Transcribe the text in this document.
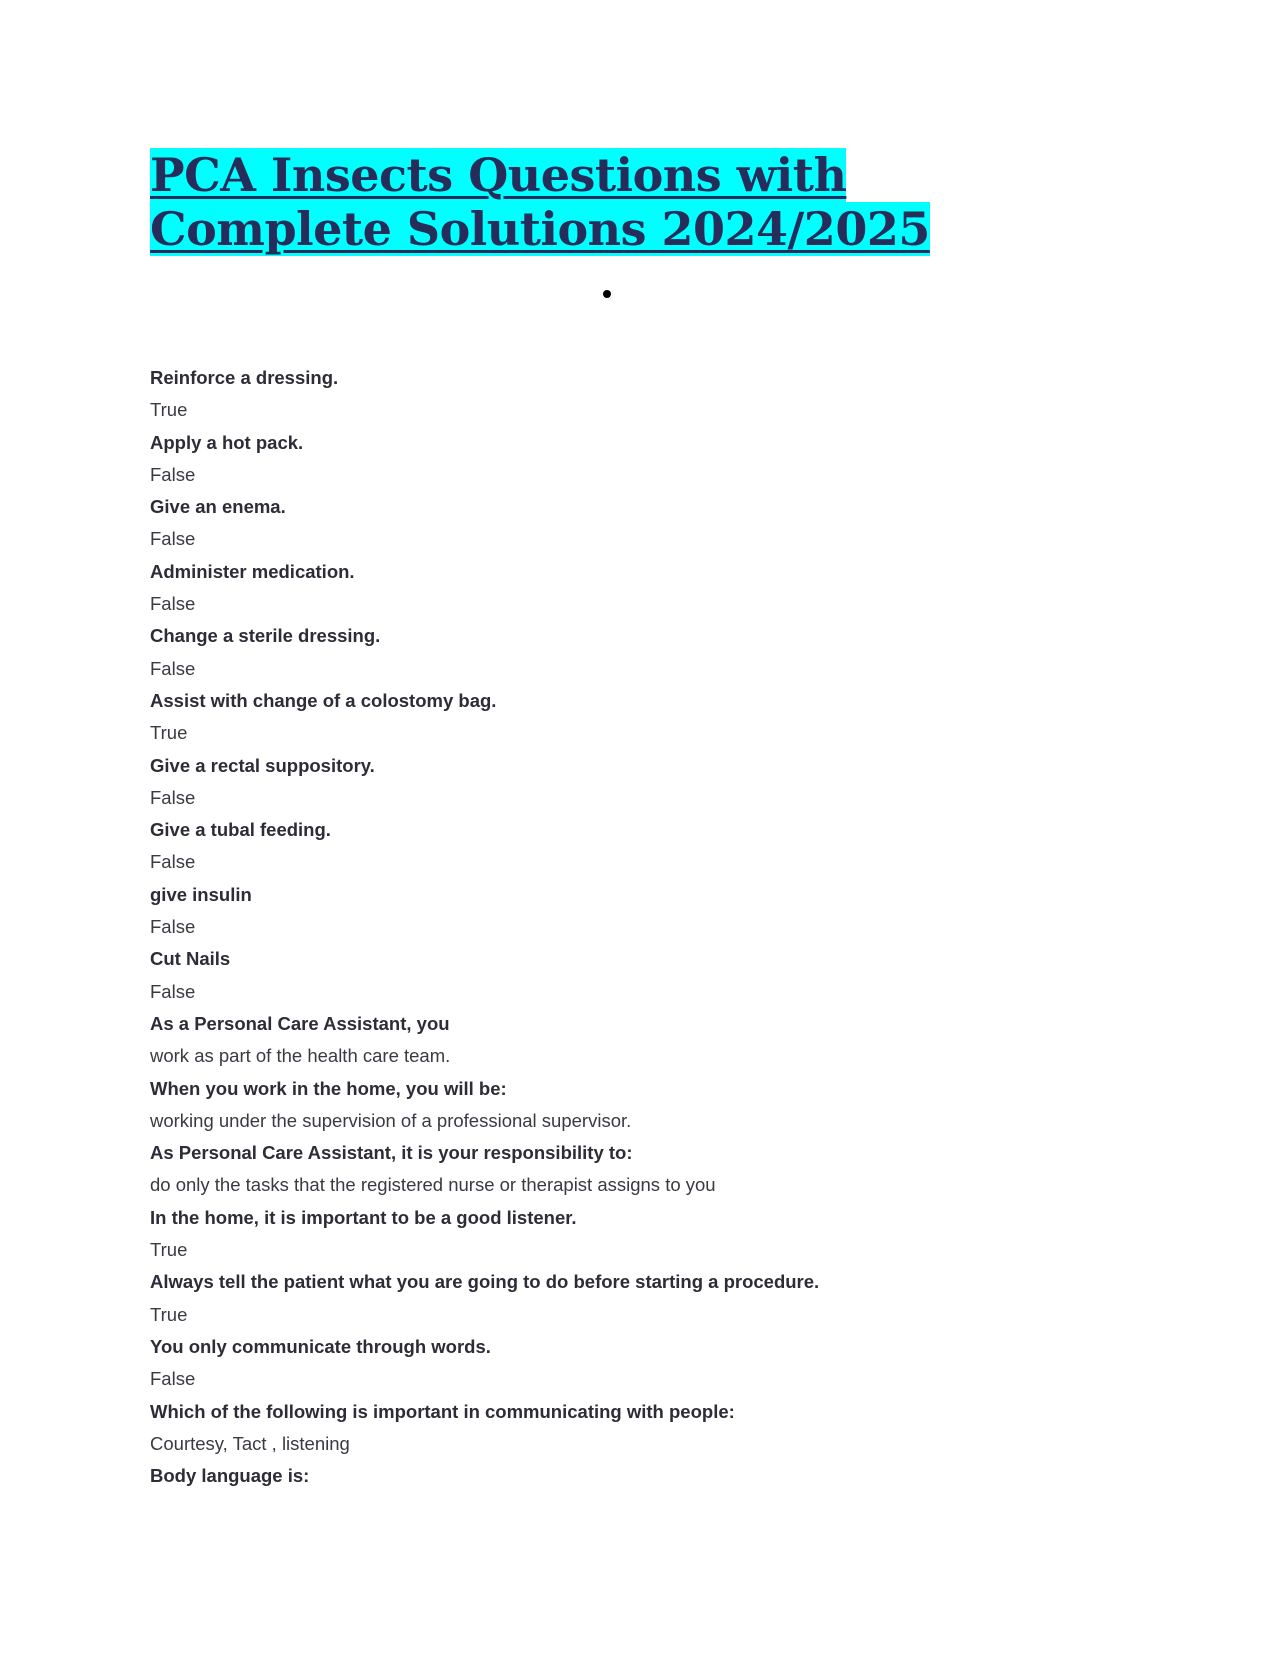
PCA Insects Questions with Complete Solutions 2024/2025
Reinforce a dressing.
True
Apply a hot pack.
False
Give an enema.
False
Administer medication.
False
Change a sterile dressing.
False
Assist with change of a colostomy bag.
True
Give a rectal suppository.
False
Give a tubal feeding.
False
give insulin
False
Cut Nails
False
As a Personal Care Assistant, you
work as part of the health care team.
When you work in the home, you will be:
working under the supervision of a professional supervisor.
As Personal Care Assistant, it is your responsibility to:
do only the tasks that the registered nurse or therapist assigns to you
In the home, it is important to be a good listener.
True
Always tell the patient what you are going to do before starting a procedure.
True
You only communicate through words.
False
Which of the following is important in communicating with people:
Courtesy, Tact , listening
Body language is:
